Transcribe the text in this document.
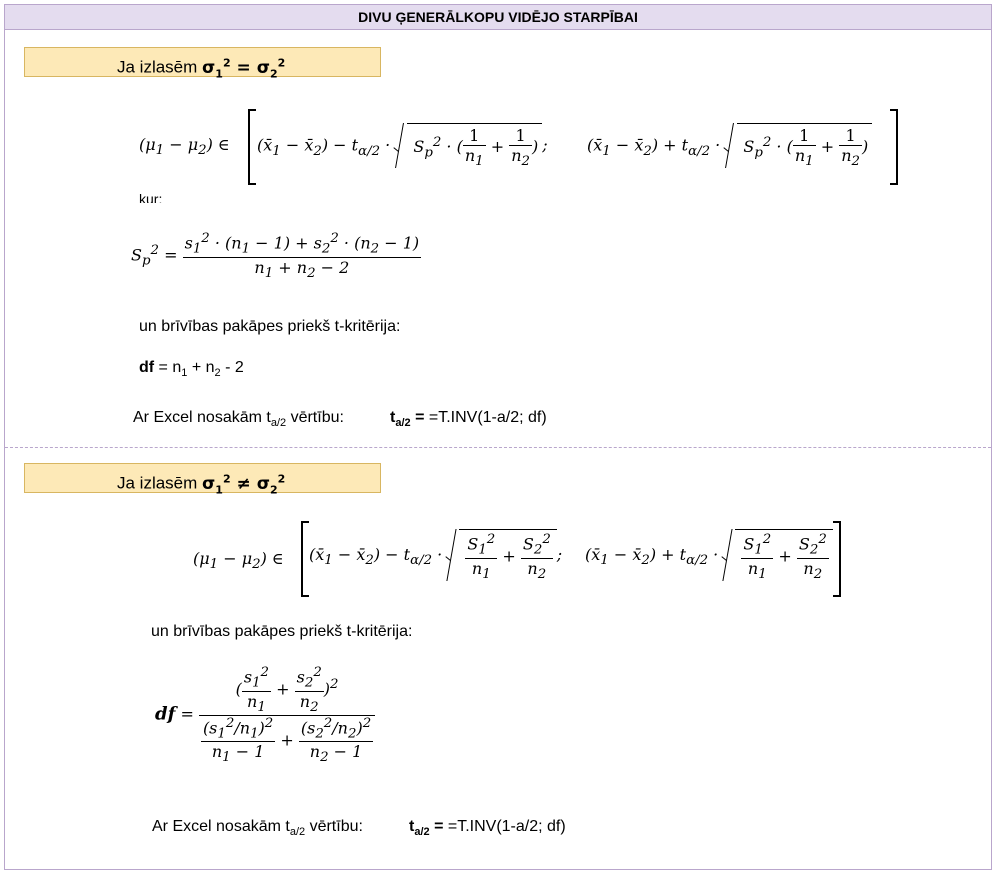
DIVU ĢENERĀLKOPU VIDĒJO STARPĪBAI
Ja izlasēm $\sigma_1^2 = \sigma_2^2$
$(\mu_1 - \mu_2)$ ∈ ($x̄_1$ − $x̄_2) - t_{\alpha/2} \cdot S_p^2$ · ( $\frac{1}{n_1} + \frac{1}{n_2}$ ) ; ($x̄_1$ − $x̄_2) + t_{\alpha/2} \cdot S_p^2$ · ( $\frac{1}{n_1} + \frac{1}{n_2}$ )
kur:
$S_p^2 = \frac{s_1^2 \cdot (n_1 - 1) + s_2^2 \cdot (n_2 - 1)}{n_1 + n_2 - 2}$
un brīvības pakāpes priekš t-kritērija:
df = $n_1 + n_2 - 2$
Ar Excel nosakām $t_{a/2}$ vērtību:	$t_{a/2} = =T.INV(1-a/2$; df)
Ja izlasēm $\sigma_1^2 \ne \sigma_2^2$
$(\mu_1 - \mu_2)$ ∈ ($x̄_1$ − $x̄_2) - t_{\alpha/2} \cdot \frac{S_1^2}{n_1} + \frac{S_2^2}{n_2}$ ; ($x̄_1$ − $x̄_2) + t_{\alpha/2} \cdot \frac{S_1^2}{n_1} + \frac{S_2^2}{n_2}$
un brīvības pakāpes priekš t-kritērija:
df = $\frac{( \frac{s_1^2}{n_1} + \frac{s_2^2}{n_2} )^2}{\frac{(s_1^2/n_1)^2}{n_1 - 1} + \frac{(s_2^2/n_2)^2}{n_2 - 1}}$
Ar Excel nosakām $t_{a/2}$ vērtību:	$t_{a/2} = =T.INV(1-a/2$; df)
